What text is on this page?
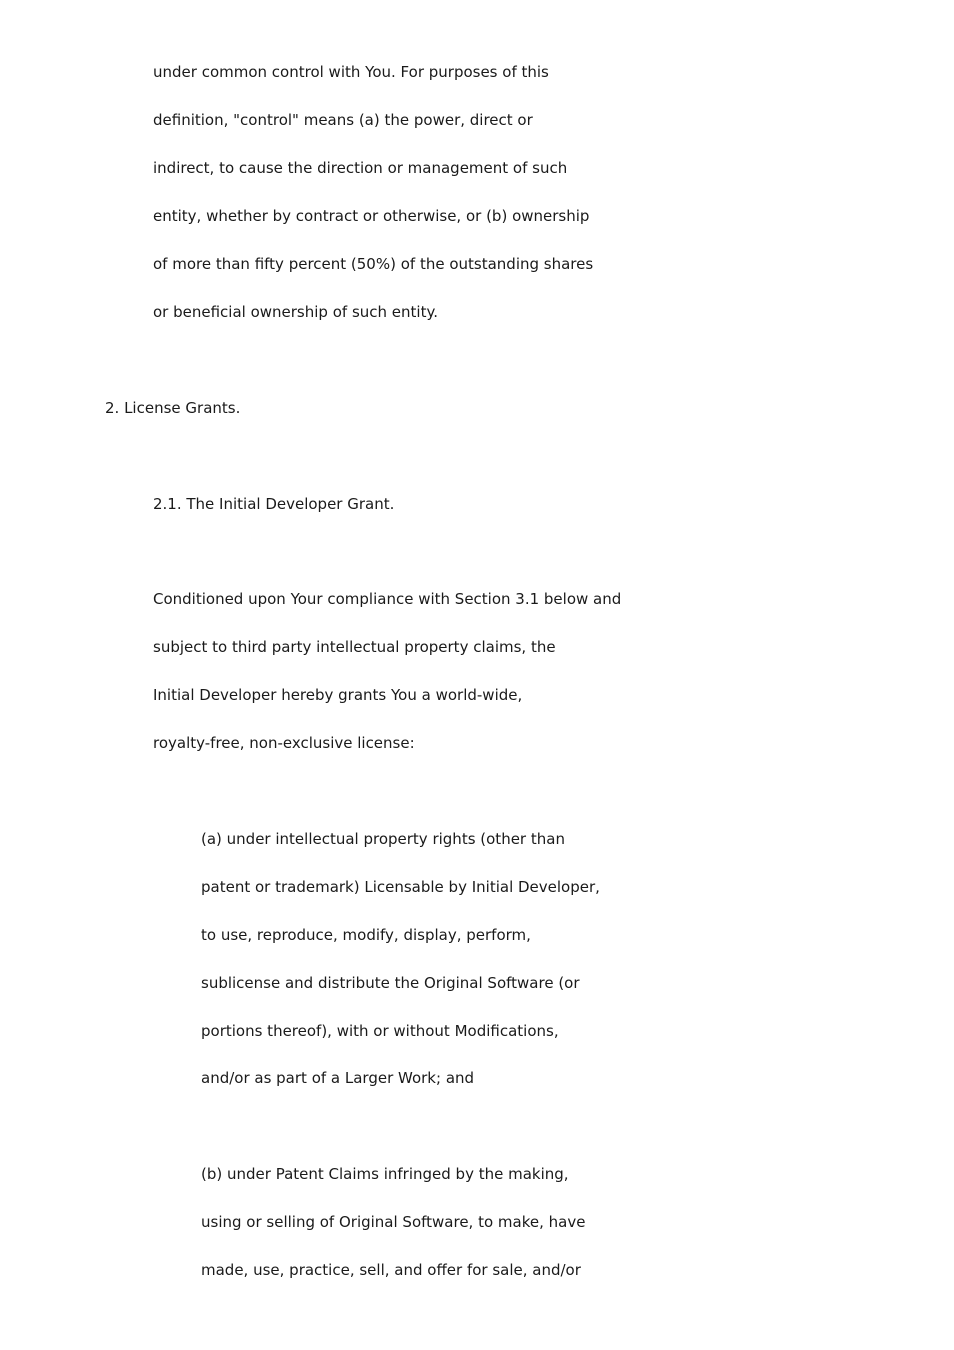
under common control with You. For purposes of this
definition, "control" means (a) the power, direct or
indirect, to cause the direction or management of such
entity, whether by contract or otherwise, or (b) ownership
of more than fifty percent (50%) of the outstanding shares
or beneficial ownership of such entity.
2. License Grants.
2.1. The Initial Developer Grant.
Conditioned upon Your compliance with Section 3.1 below and
subject to third party intellectual property claims, the
Initial Developer hereby grants You a world-wide,
royalty-free, non-exclusive license:
(a) under intellectual property rights (other than
patent or trademark) Licensable by Initial Developer,
to use, reproduce, modify, display, perform,
sublicense and distribute the Original Software (or
portions thereof), with or without Modifications,
and/or as part of a Larger Work; and
(b) under Patent Claims infringed by the making,
using or selling of Original Software, to make, have
made, use, practice, sell, and offer for sale, and/or
